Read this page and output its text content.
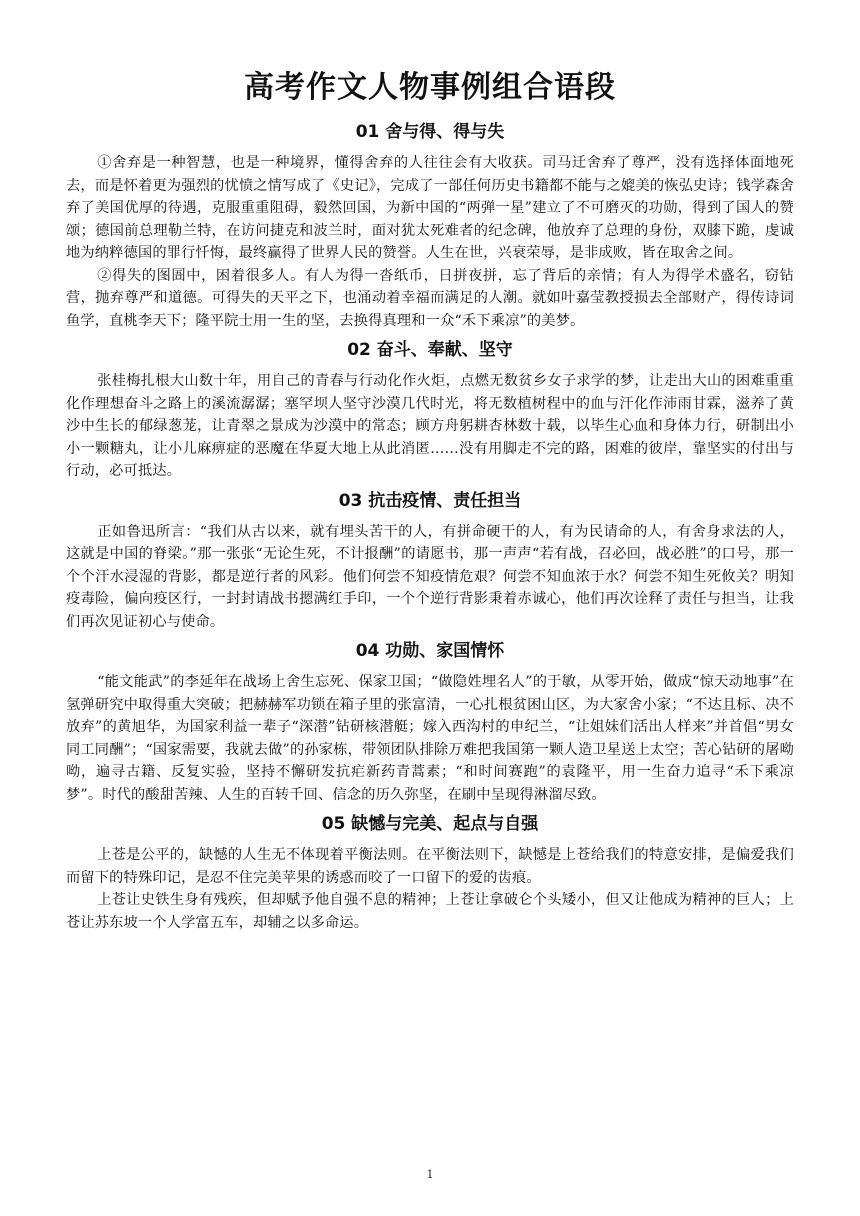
高考作文人物事例组合语段
01 舍与得、得与失

①舍弃是一种智慧，也是一种境界，懂得舍弃的人往往会有大收获。司马迁舍弃了尊严，没有选择体面地死去，而是怀着更为强烈的忧愤之情写成了《史记》，完成了一部任何历史书籍都不能与之媲美的恢弘史诗；钱学森舍弃了美国优厚的待遇，克服重重阻碍，毅然回国，为新中国的“两弹一星”建立了不可磨灭的功勋，得到了国人的赞颂；德国前总理勒兰特，在访问捷克和波兰时，面对犹太死难者的纪念碑，他放弃了总理的身份，双膝下跪，虔诚地为纳粹德国的罪行忏悔，最终赢得了世界人民的赞誉。人生在世，兴衰荣辱，是非成败，皆在取舍之间。

②得失的图圄中，困着很多人。有人为得一沓纸币，日拼夜拼，忘了背后的亲情；有人为得学术盛名，窃钻营，抛弃尊严和道德。可得失的天平之下，也涌动着幸福而满足的人潮。就如叶嘉莹教授损去全部财产，得传诗词鱼学，直桃李天下；隆平院士用一生的坚，去换得真理和一众“禾下乘凉”的美梦。

02 奋斗、奉献、坚守

张桂梅扎根大山数十年，用自己的青春与行动化作火炬，点燃无数贫乡女子求学的梦，让走出大山的困难重重化作理想奋斗之路上的溪流潺潺；塞罕坝人坚守沙漠几代时光，将无数植树程中的血与汗化作沛雨甘霖，滋养了黄沙中生长的郁绿葱茏，让青翠之景成为沙漠中的常态；顾方舟躬耕杏林数十载，以毕生心血和身体力行，研制出小小一颗糖丸，让小儿麻痹症的恶魔在华夏大地上从此消匿……没有用脚走不完的路，困难的彼岸，靠坚实的付出与行动，必可抵达。

03 抗击疫情、责任担当

正如鲁迅所言：“我们从古以来，就有埋头苦干的人，有拼命硬干的人，有为民请命的人，有舍身求法的人，这就是中国的脊梁。”那一张张“无论生死，不计报酬”的请愿书，那一声声“若有战，召必回，战必胜”的口号，那一个个汗水浸湿的背影，都是逆行者的风彩。他们何尝不知疫情危艰？何尝不知血浓于水？何尝不知生死攸关？明知疫毒险，偏向疫区行，一封封请战书摁满红手印，一个个逆行背影秉着赤诚心，他们再次诠释了责任与担当，让我们再次见证初心与使命。

04 功勋、家国情怀

“能文能武”的李延年在战场上舍生忘死、保家卫国；“做隐姓埋名人”的于敏，从零开始，做成“惊天动地事”在氢弹研究中取得重大突破；把赫赫军功锁在箱子里的张富清，一心扎根贫困山区，为大家舍小家；“不达且标、决不放弃”的黄旭华，为国家利益一辈子“深潜”钻研核潜艇；嫁入西沟村的申纪兰，“让姐妹们活出人样来”并首倡“男女同工同酬”；“国家需要，我就去做”的孙家栋，带领团队排除万难把我国第一颗人造卫星送上太空；苦心钻研的屠呦呦，遍寻古籍、反复实验，坚持不懈研发抗疟新药青蒿素；“和时间赛跑”的袁隆平，用一生奋力追寻“禾下乘凉梦”。时代的酸甜苦辣、人生的百转千回、信念的历久弥坚，在刷中呈现得淋溜尽致。

05 缺憾与完美、起点与自强

上苍是公平的，缺憾的人生无不体现着平衡法则。在平衡法则下，缺憾是上苍给我们的特意安排，是偏爱我们而留下的特殊印记，是忍不住完美苹果的诱惑而咬了一口留下的爱的齿痕。

上苍让史铁生身有残疾，但却赋予他自强不息的精神；上苍让拿破仑个头矮小，但又让他成为精神的巨人；上苍让苏东坡一个人学富五车，却辅之以多命运。

1
